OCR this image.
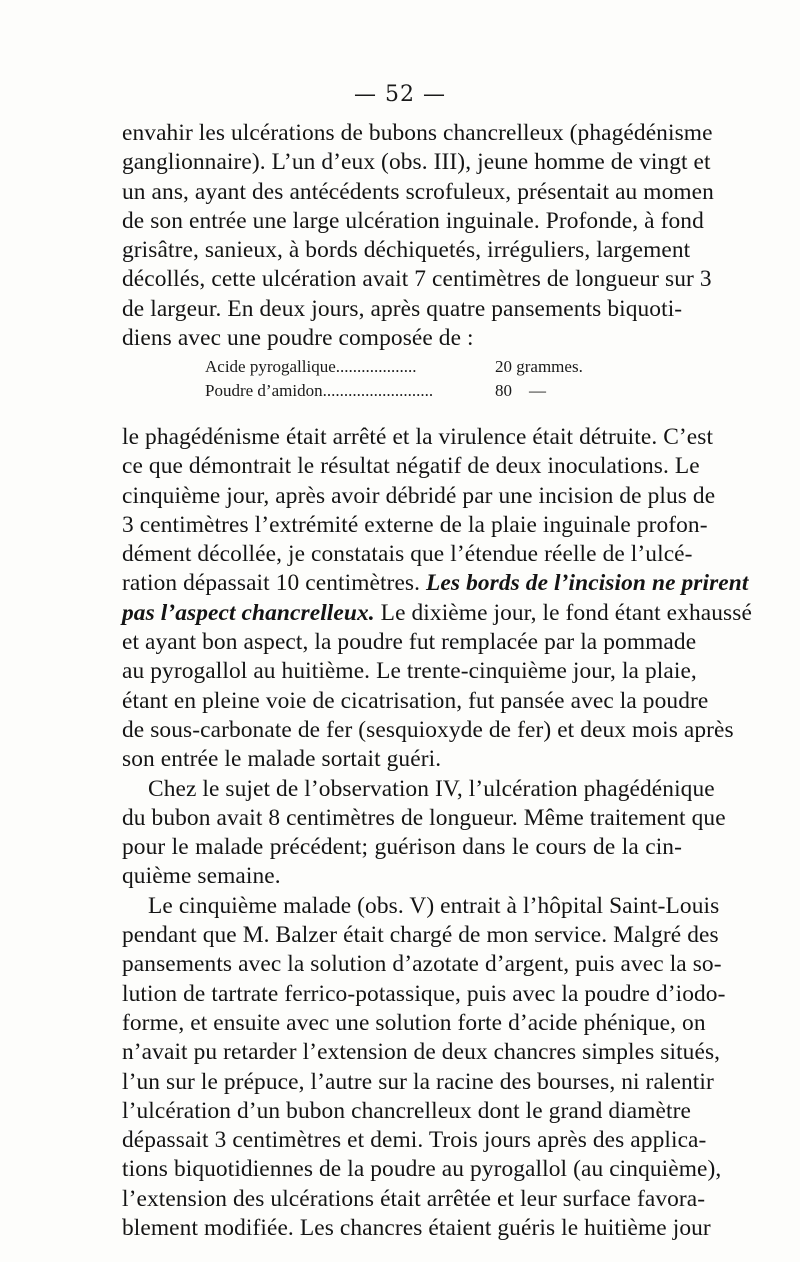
— 52 —
envahir les ulcérations de bubons chancrelleux (phagédénisme
ganglionnaire). L’un d’eux (obs. III), jeune homme de vingt et
un ans, ayant des antécédents scrofuleux, présentait au momen
de son entrée une large ulcération inguinale. Profonde, à fond
grisâtre, sanieux, à bords déchiquetés, irréguliers, largement
décollés, cette ulcération avait 7 centimètres de longueur sur 3
de largeur. En deux jours, après quatre pansements biquoti-
diens avec une poudre composée de :
Acide pyrogallique...................	20 grammes.
Poudre d’amidon..........................	80    —
le phagédénisme était arrêté et la virulence était détruite. C’est
ce que démontrait le résultat négatif de deux inoculations. Le
cinquième jour, après avoir débridé par une incision de plus de
3 centimètres l’extrémité externe de la plaie inguinale profon-
dément décollée, je constatais que l’étendue réelle de l’ulcé-
ration dépassait 10 centimètres. Les bords de l’incision ne prirent
pas l’aspect chancrelleux. Le dixième jour, le fond étant exhaussé
et ayant bon aspect, la poudre fut remplacée par la pommade
au pyrogallol au huitième. Le trente-cinquième jour, la plaie,
étant en pleine voie de cicatrisation, fut pansée avec la poudre
de sous-carbonate de fer (sesquioxyde de fer) et deux mois après
son entrée le malade sortait guéri.
Chez le sujet de l’observation IV, l’ulcération phagédénique
du bubon avait 8 centimètres de longueur. Même traitement que
pour le malade précédent; guérison dans le cours de la cin-
quième semaine.
Le cinquième malade (obs. V) entrait à l’hôpital Saint-Louis
pendant que M. Balzer était chargé de mon service. Malgré des
pansements avec la solution d’azotate d’argent, puis avec la so-
lution de tartrate ferrico-potassique, puis avec la poudre d’iodo-
forme, et ensuite avec une solution forte d’acide phénique, on
n’avait pu retarder l’extension de deux chancres simples situés,
l’un sur le prépuce, l’autre sur la racine des bourses, ni ralentir
l’ulcération d’un bubon chancrelleux dont le grand diamètre
dépassait 3 centimètres et demi. Trois jours après des applica-
tions biquotidiennes de la poudre au pyrogallol (au cinquième),
l’extension des ulcérations était arrêtée et leur surface favora-
blement modifiée. Les chancres étaient guéris le huitième jour
